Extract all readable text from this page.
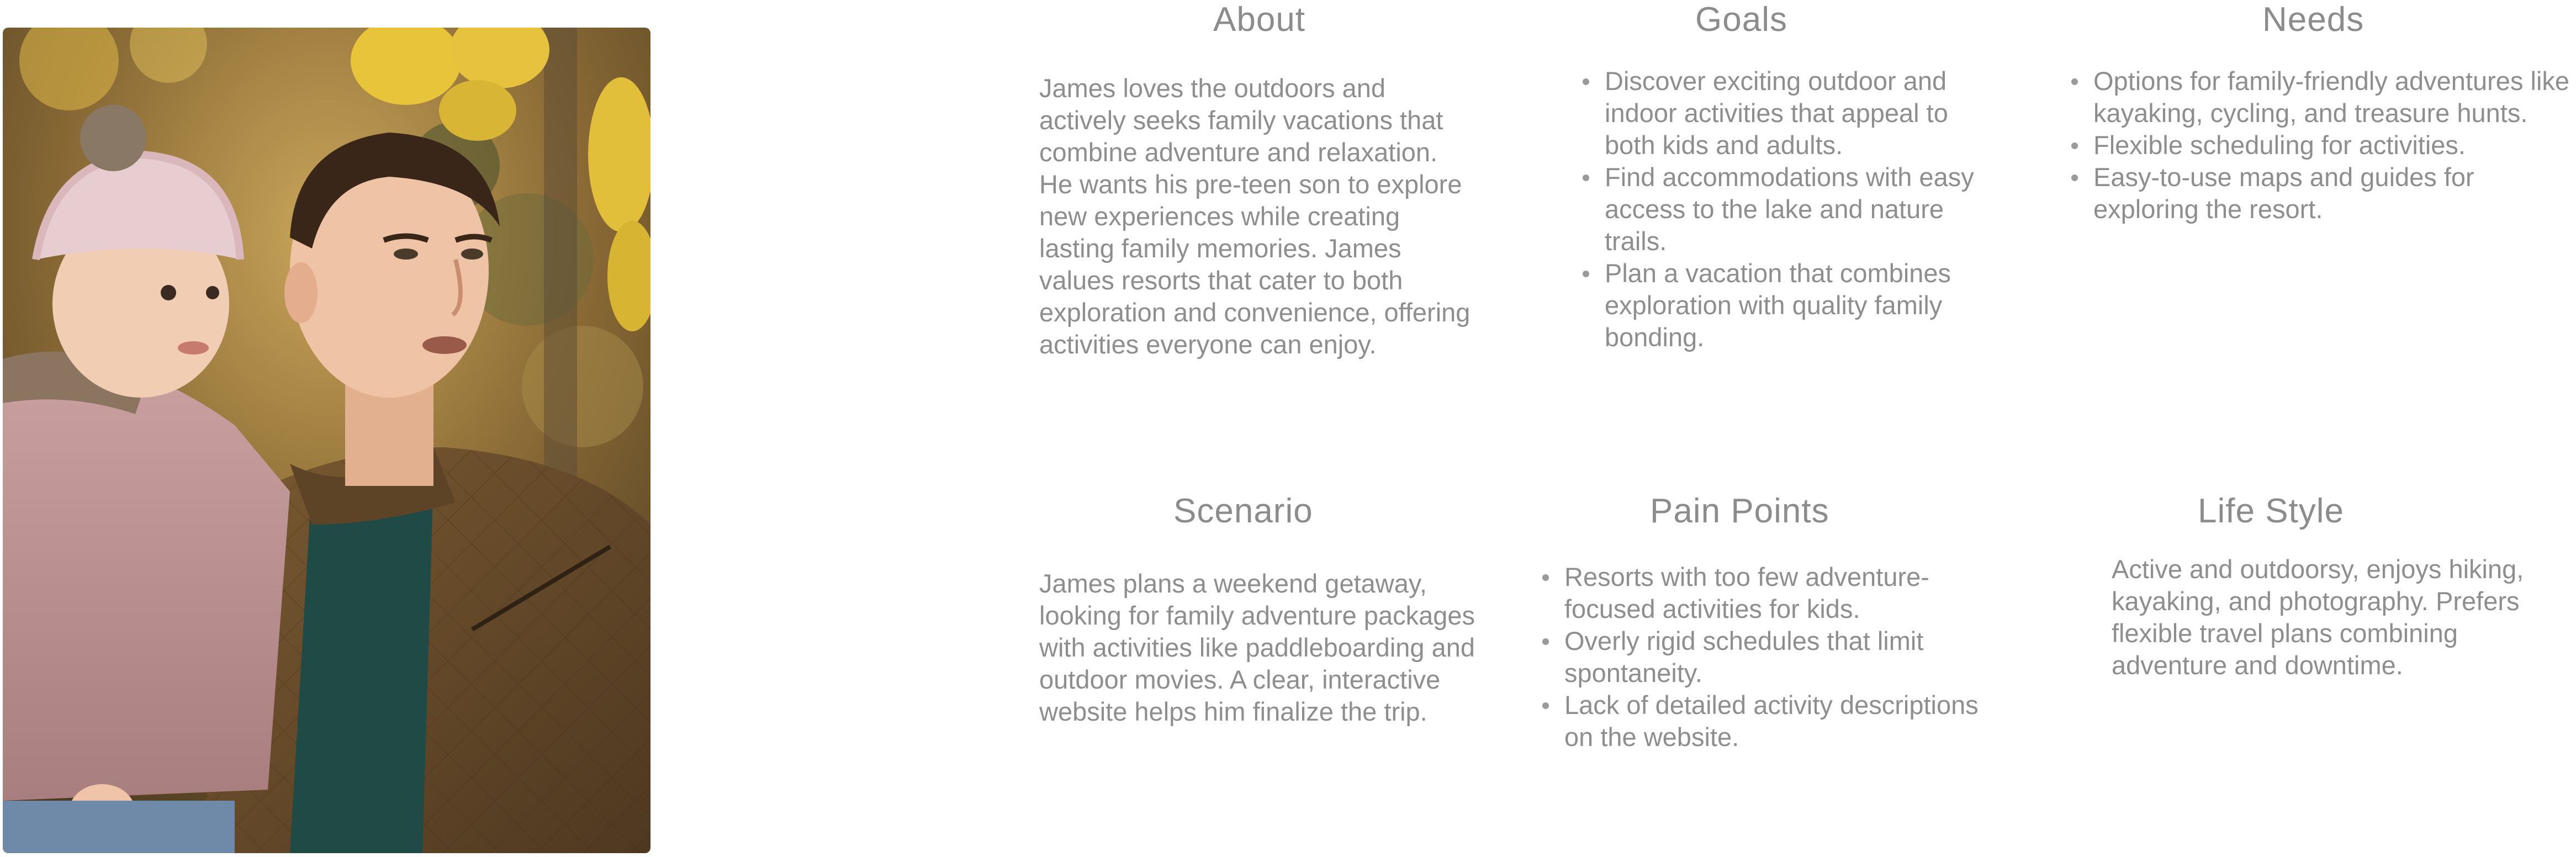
About

James loves the outdoors and actively seeks family vacations that combine adventure and relaxation. He wants his pre-teen son to explore new experiences while creating lasting family memories. James values resorts that cater to both exploration and convenience, offering activities everyone can enjoy.

Goals
Discover exciting outdoor and indoor activities that appeal to both kids and adults.
Find accommodations with easy access to the lake and nature trails.
Plan a vacation that combines exploration with quality family bonding.
Needs
Options for family-friendly adventures like kayaking, cycling, and treasure hunts.
Flexible scheduling for activities.
Easy-to-use maps and guides for exploring the resort.
Scenario

James plans a weekend getaway, looking for family adventure packages with activities like paddleboarding and outdoor movies. A clear, interactive website helps him finalize the trip.

Pain Points
Resorts with too few adventure-focused activities for kids.
Overly rigid schedules that limit spontaneity.
Lack of detailed activity descriptions on the website.
Life Style

Active and outdoorsy, enjoys hiking, kayaking, and photography. Prefers flexible travel plans combining adventure and downtime.
